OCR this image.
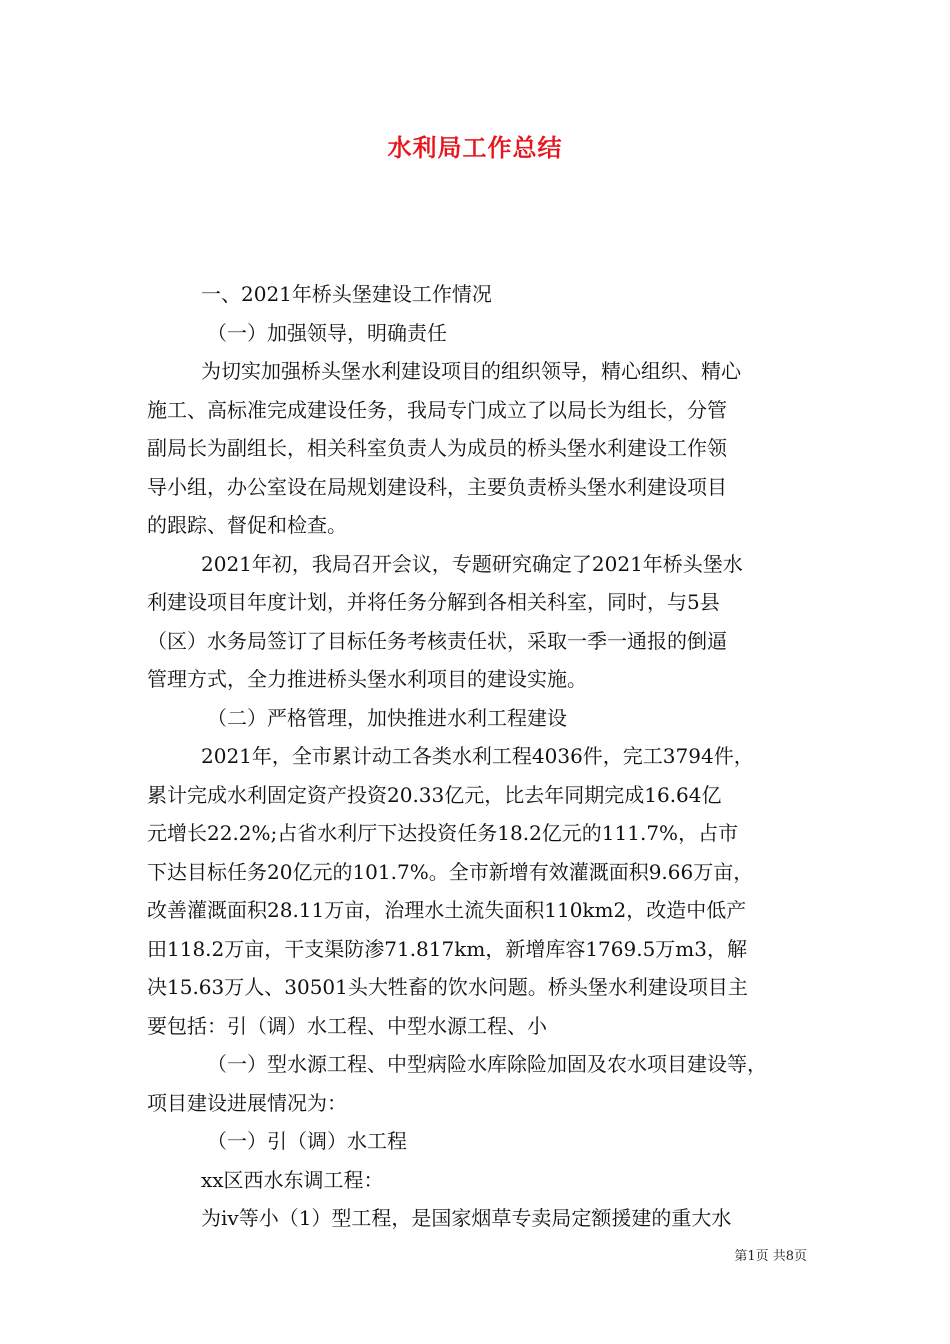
水利局工作总结
一、2021年桥头堡建设工作情况
（一）加强领导，明确责任
为切实加强桥头堡水利建设项目的组织领导，精心组织、精心
施工、高标准完成建设任务，我局专门成立了以局长为组长，分管
副局长为副组长，相关科室负责人为成员的桥头堡水利建设工作领
导小组，办公室设在局规划建设科，主要负责桥头堡水利建设项目
的跟踪、督促和检查。
2021年初，我局召开会议，专题研究确定了2021年桥头堡水
利建设项目年度计划，并将任务分解到各相关科室，同时，与5县
（区）水务局签订了目标任务考核责任状，采取一季一通报的倒逼
管理方式，全力推进桥头堡水利项目的建设实施。
（二）严格管理，加快推进水利工程建设
2021年，全市累计动工各类水利工程4036件，完工3794件，
累计完成水利固定资产投资20.33亿元，比去年同期完成16.64亿
元增长22.2%;占省水利厅下达投资任务18.2亿元的111.7%，占市
下达目标任务20亿元的101.7%。全市新增有效灌溉面积9.66万亩，
改善灌溉面积28.11万亩，治理水土流失面积110km2，改造中低产
田118.2万亩，干支渠防渗71.817km，新增库容1769.5万m3，解
决15.63万人、30501头大牲畜的饮水问题。桥头堡水利建设项目主
要包括：引（调）水工程、中型水源工程、小
（一）型水源工程、中型病险水库除险加固及农水项目建设等，
项目建设进展情况为：
（一）引（调）水工程
xx区西水东调工程：
为iv等小（1）型工程，是国家烟草专卖局定额援建的重大水
第1页 共8页
